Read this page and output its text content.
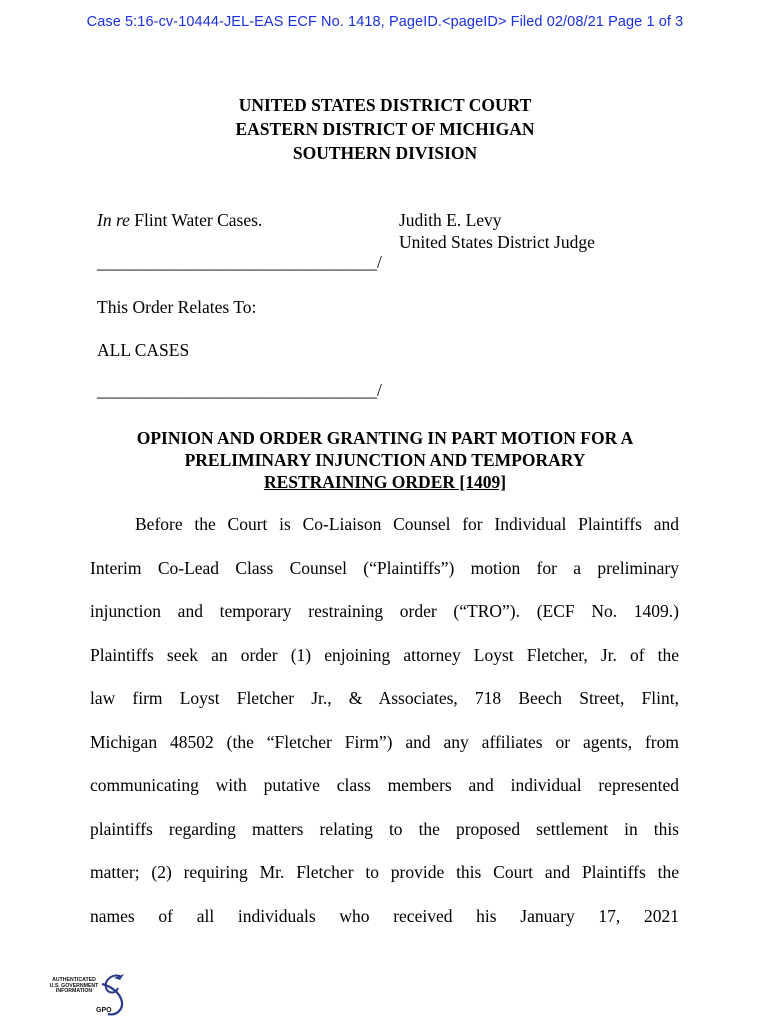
Case 5:16-cv-10444-JEL-EAS ECF No. 1418, PageID.<pageID> Filed 02/08/21 Page 1 of 3
UNITED STATES DISTRICT COURT
EASTERN DISTRICT OF MICHIGAN
SOUTHERN DIVISION
In re Flint Water Cases.	Judith E. Levy
United States District Judge
________________________________/
This Order Relates To:
ALL CASES
________________________________/
OPINION AND ORDER GRANTING IN PART MOTION FOR A
PRELIMINARY INJUNCTION AND TEMPORARY
RESTRAINING ORDER [1409]
Before the Court is Co-Liaison Counsel for Individual Plaintiffs and
Interim Co-Lead Class Counsel (“Plaintiffs”) motion for a preliminary
injunction and temporary restraining order (“TRO”). (ECF No. 1409.)
Plaintiffs seek an order (1) enjoining attorney Loyst Fletcher, Jr. of the
law firm Loyst Fletcher Jr., & Associates, 718 Beech Street, Flint,
Michigan 48502 (the “Fletcher Firm”) and any affiliates or agents, from
communicating with putative class members and individual represented
plaintiffs regarding matters relating to the proposed settlement in this
matter; (2) requiring Mr. Fletcher to provide this Court and Plaintiffs the
names of all individuals who received his January 17, 2021
AUTHENTICATED
U.S. GOVERNMENT
INFORMATION
GPO
